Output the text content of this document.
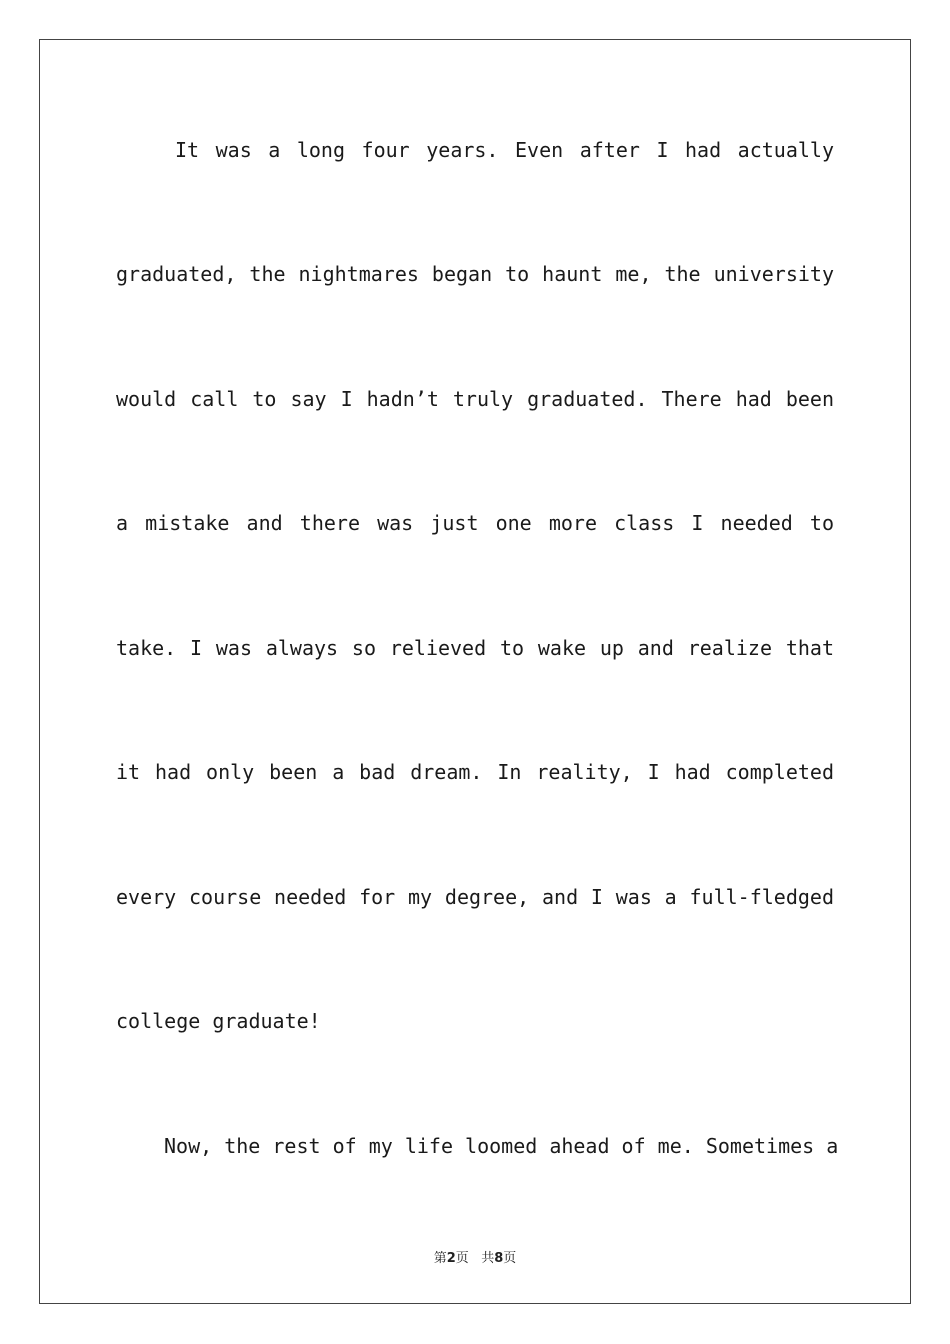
It was a long four years. Even after I had actually
graduated, the nightmares began to haunt me, the university
would call to say I hadn’t truly graduated. There had been
a mistake and there was just one more class I needed to
take. I was always so relieved to wake up and realize that
it had only been a bad dream. In reality, I had completed
every course needed for my degree, and I was a full-fledged
college graduate!
Now, the rest of my life loomed ahead of me. Sometimes a
第2页 共8页
